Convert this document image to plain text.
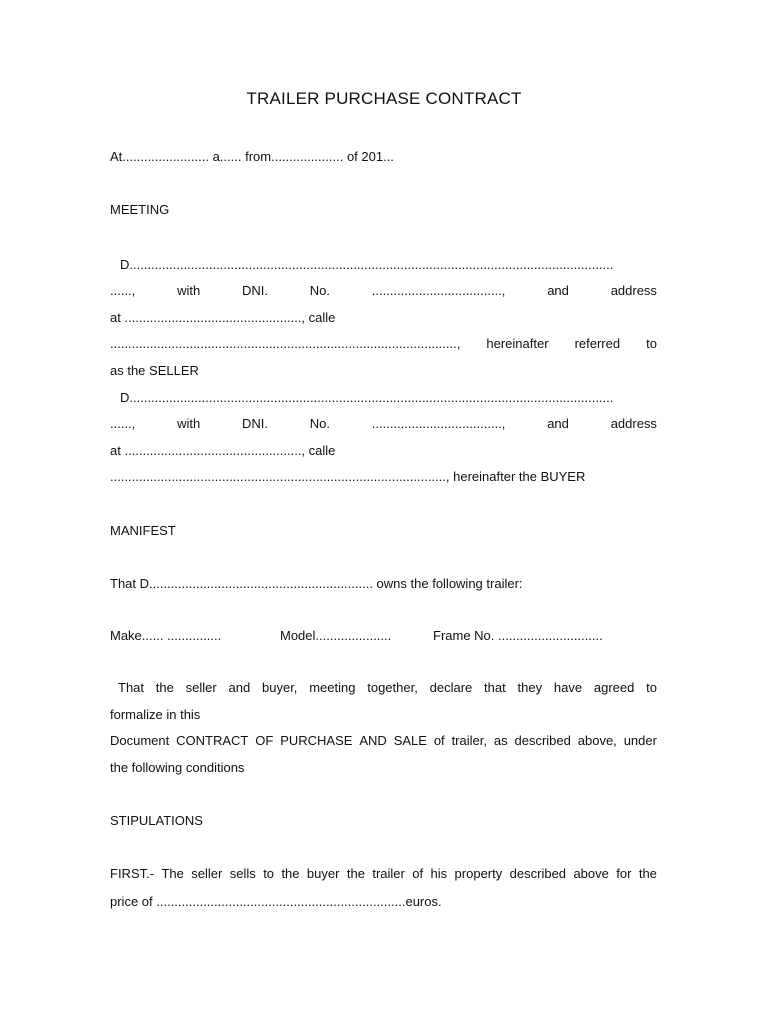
TRAILER PURCHASE CONTRACT
At........................ a...... from.................... of 201...
MEETING
D......................................................................................................................................
......,	with	DNI.	No.	....................................,	and	address
at ................................................., calle
................................................................................................, hereinafter referred to
as the SELLER
D......................................................................................................................................
......,	with	DNI.	No.	....................................,	and	address
at ................................................., calle
............................................................................................., hereinafter the BUYER
MANIFEST
That D.............................................................. owns the following trailer:
Make...... ...............	Model.....................	Frame No. .............................
That the seller and buyer, meeting together, declare that they have agreed to
formalize in this
Document CONTRACT OF PURCHASE AND SALE of trailer, as described above, under
the following conditions
STIPULATIONS
FIRST.- The seller sells to the buyer the trailer of his property described above for the
price of .....................................................................euros.
